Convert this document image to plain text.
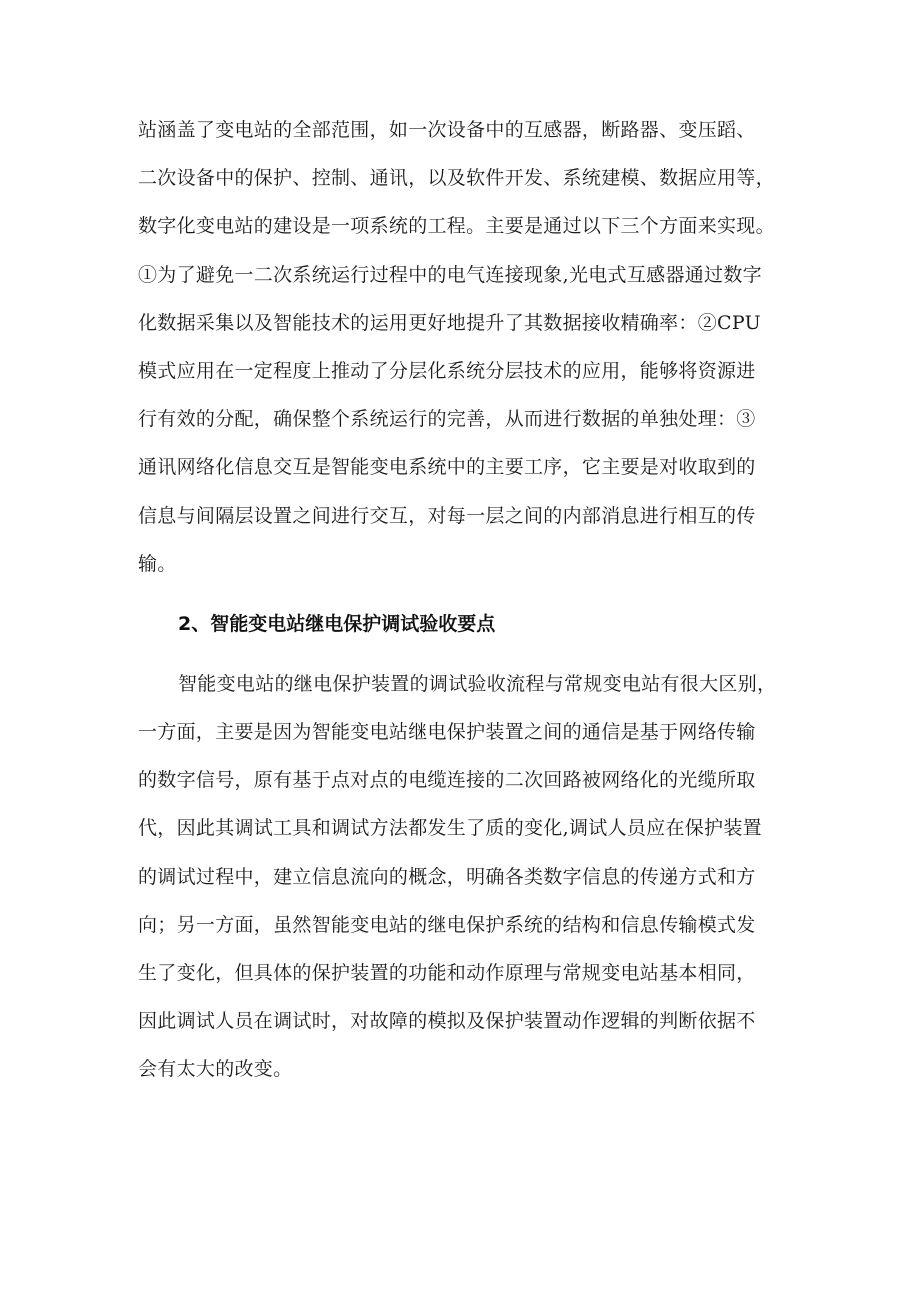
站涵盖了变电站的全部范围，如一次设备中的互感器，断路器、变压蹈、
二次设备中的保护、控制、通讯，以及软件开发、系统建模、数据应用等，
数字化变电站的建设是一项系统的工程。主要是通过以下三个方面来实现。
①为了避免一二次系统运行过程中的电气连接现象,光电式互感器通过数字
化数据采集以及智能技术的运用更好地提升了其数据接收精确率：②CPU
模式应用在一定程度上推动了分层化系统分层技术的应用，能够将资源进
行有效的分配，确保整个系统运行的完善，从而进行数据的单独处理：③
通讯网络化信息交互是智能变电系统中的主要工序，它主要是对收取到的
信息与间隔层设置之间进行交互，对每一层之间的内部消息进行相互的传
输。
2、智能变电站继电保护调试验收要点
智能变电站的继电保护装置的调试验收流程与常规变电站有很大区别，
一方面，主要是因为智能变电站继电保护装置之间的通信是基于网络传输
的数字信号，原有基于点对点的电缆连接的二次回路被网络化的光缆所取
代，因此其调试工具和调试方法都发生了质的变化,调试人员应在保护装置
的调试过程中，建立信息流向的概念，明确各类数字信息的传递方式和方
向；另一方面，虽然智能变电站的继电保护系统的结构和信息传输模式发
生了变化，但具体的保护装置的功能和动作原理与常规变电站基本相同，
因此调试人员在调试时，对故障的模拟及保护装置动作逻辑的判断依据不
会有太大的改变。
